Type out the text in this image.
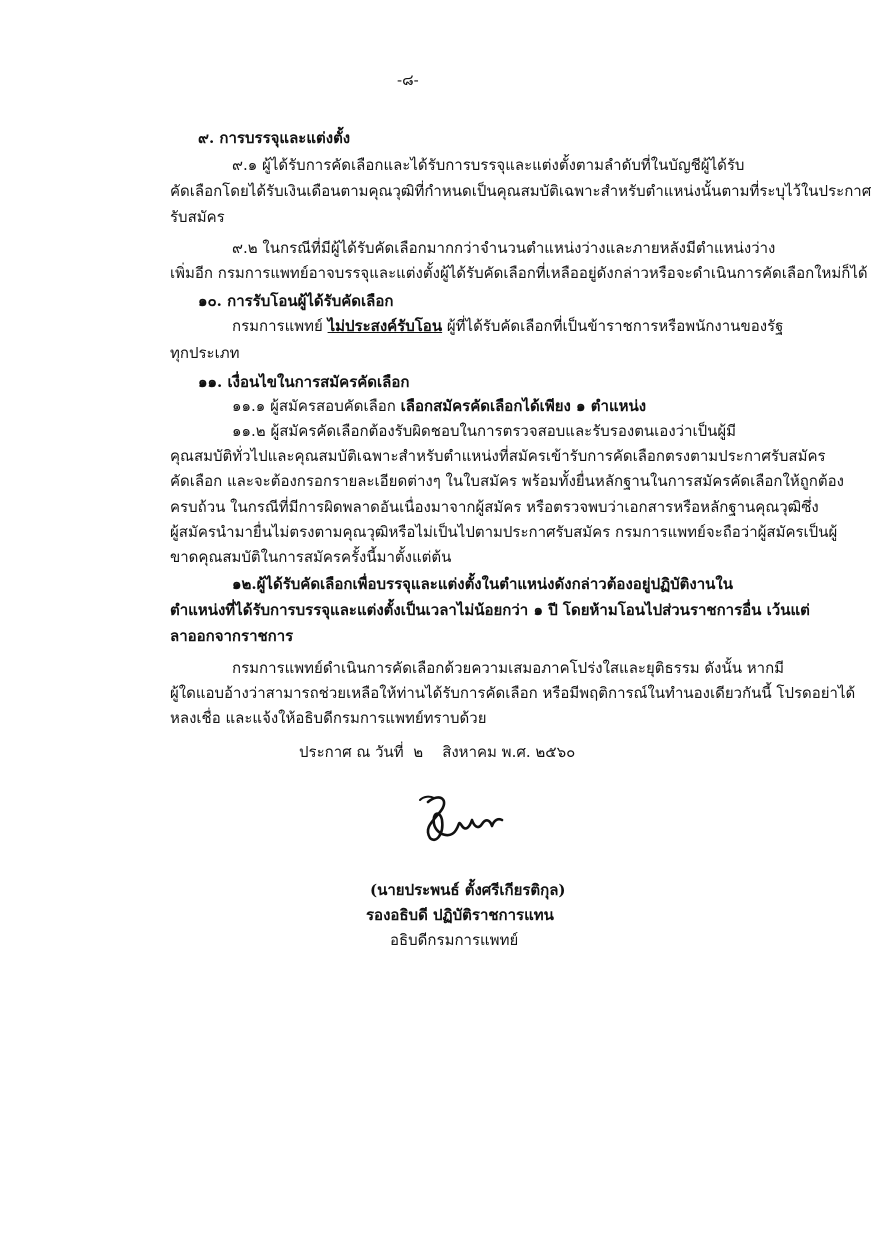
-๘-
๙. การบรรจุและแต่งตั้ง
๙.๑ ผู้ได้รับการคัดเลือกและได้รับการบรรจุและแต่งตั้งตามลำดับที่ในบัญชีผู้ได้รับ
คัดเลือกโดยได้รับเงินเดือนตามคุณวุฒิที่กำหนดเป็นคุณสมบัติเฉพาะสำหรับตำแหน่งนั้นตามที่ระบุไว้ในประกาศ
รับสมัคร
๙.๒ ในกรณีที่มีผู้ได้รับคัดเลือกมากกว่าจำนวนตำแหน่งว่างและภายหลังมีตำแหน่งว่าง
เพิ่มอีก กรมการแพทย์อาจบรรจุและแต่งตั้งผู้ได้รับคัดเลือกที่เหลืออยู่ดังกล่าวหรือจะดำเนินการคัดเลือกใหม่ก็ได้
๑๐. การรับโอนผู้ได้รับคัดเลือก
กรมการแพทย์ ไม่ประสงค์รับโอน ผู้ที่ได้รับคัดเลือกที่เป็นข้าราชการหรือพนักงานของรัฐ
ทุกประเภท
๑๑. เงื่อนไขในการสมัครคัดเลือก
๑๑.๑ ผู้สมัครสอบคัดเลือก เลือกสมัครคัดเลือกได้เพียง ๑ ตำแหน่ง
๑๑.๒ ผู้สมัครคัดเลือกต้องรับผิดชอบในการตรวจสอบและรับรองตนเองว่าเป็นผู้มี
คุณสมบัติทั่วไปและคุณสมบัติเฉพาะสำหรับตำแหน่งที่สมัครเข้ารับการคัดเลือกตรงตามประกาศรับสมัคร
คัดเลือก และจะต้องกรอกรายละเอียดต่างๆ ในใบสมัคร พร้อมทั้งยื่นหลักฐานในการสมัครคัดเลือกให้ถูกต้อง
ครบถ้วน ในกรณีที่มีการผิดพลาดอันเนื่องมาจากผู้สมัคร หรือตรวจพบว่าเอกสารหรือหลักฐานคุณวุฒิซึ่ง
ผู้สมัครนำมายื่นไม่ตรงตามคุณวุฒิหรือไม่เป็นไปตามประกาศรับสมัคร กรมการแพทย์จะถือว่าผู้สมัครเป็นผู้
ขาดคุณสมบัติในการสมัครครั้งนี้มาตั้งแต่ต้น
๑๒.ผู้ได้รับคัดเลือกเพื่อบรรจุและแต่งตั้งในตำแหน่งดังกล่าวต้องอยู่ปฏิบัติงานใน
ตำแหน่งที่ได้รับการบรรจุและแต่งตั้งเป็นเวลาไม่น้อยกว่า ๑ ปี โดยห้ามโอนไปส่วนราชการอื่น เว้นแต่
ลาออกจากราชการ
กรมการแพทย์ดำเนินการคัดเลือกด้วยความเสมอภาคโปร่งใสและยุติธรรม ดังนั้น หากมี
ผู้ใดแอบอ้างว่าสามารถช่วยเหลือให้ท่านได้รับการคัดเลือก หรือมีพฤติการณ์ในทำนองเดียวกันนี้ โปรดอย่าได้
หลงเชื่อ และแจ้งให้อธิบดีกรมการแพทย์ทราบด้วย
ประกาศ ณ วันที่ ๒ สิงหาคม พ.ศ. ๒๕๖๐
(นายประพนธ์ ตั้งศรีเกียรติกุล)
รองอธิบดี ปฏิบัติราชการแทน
อธิบดีกรมการแพทย์
